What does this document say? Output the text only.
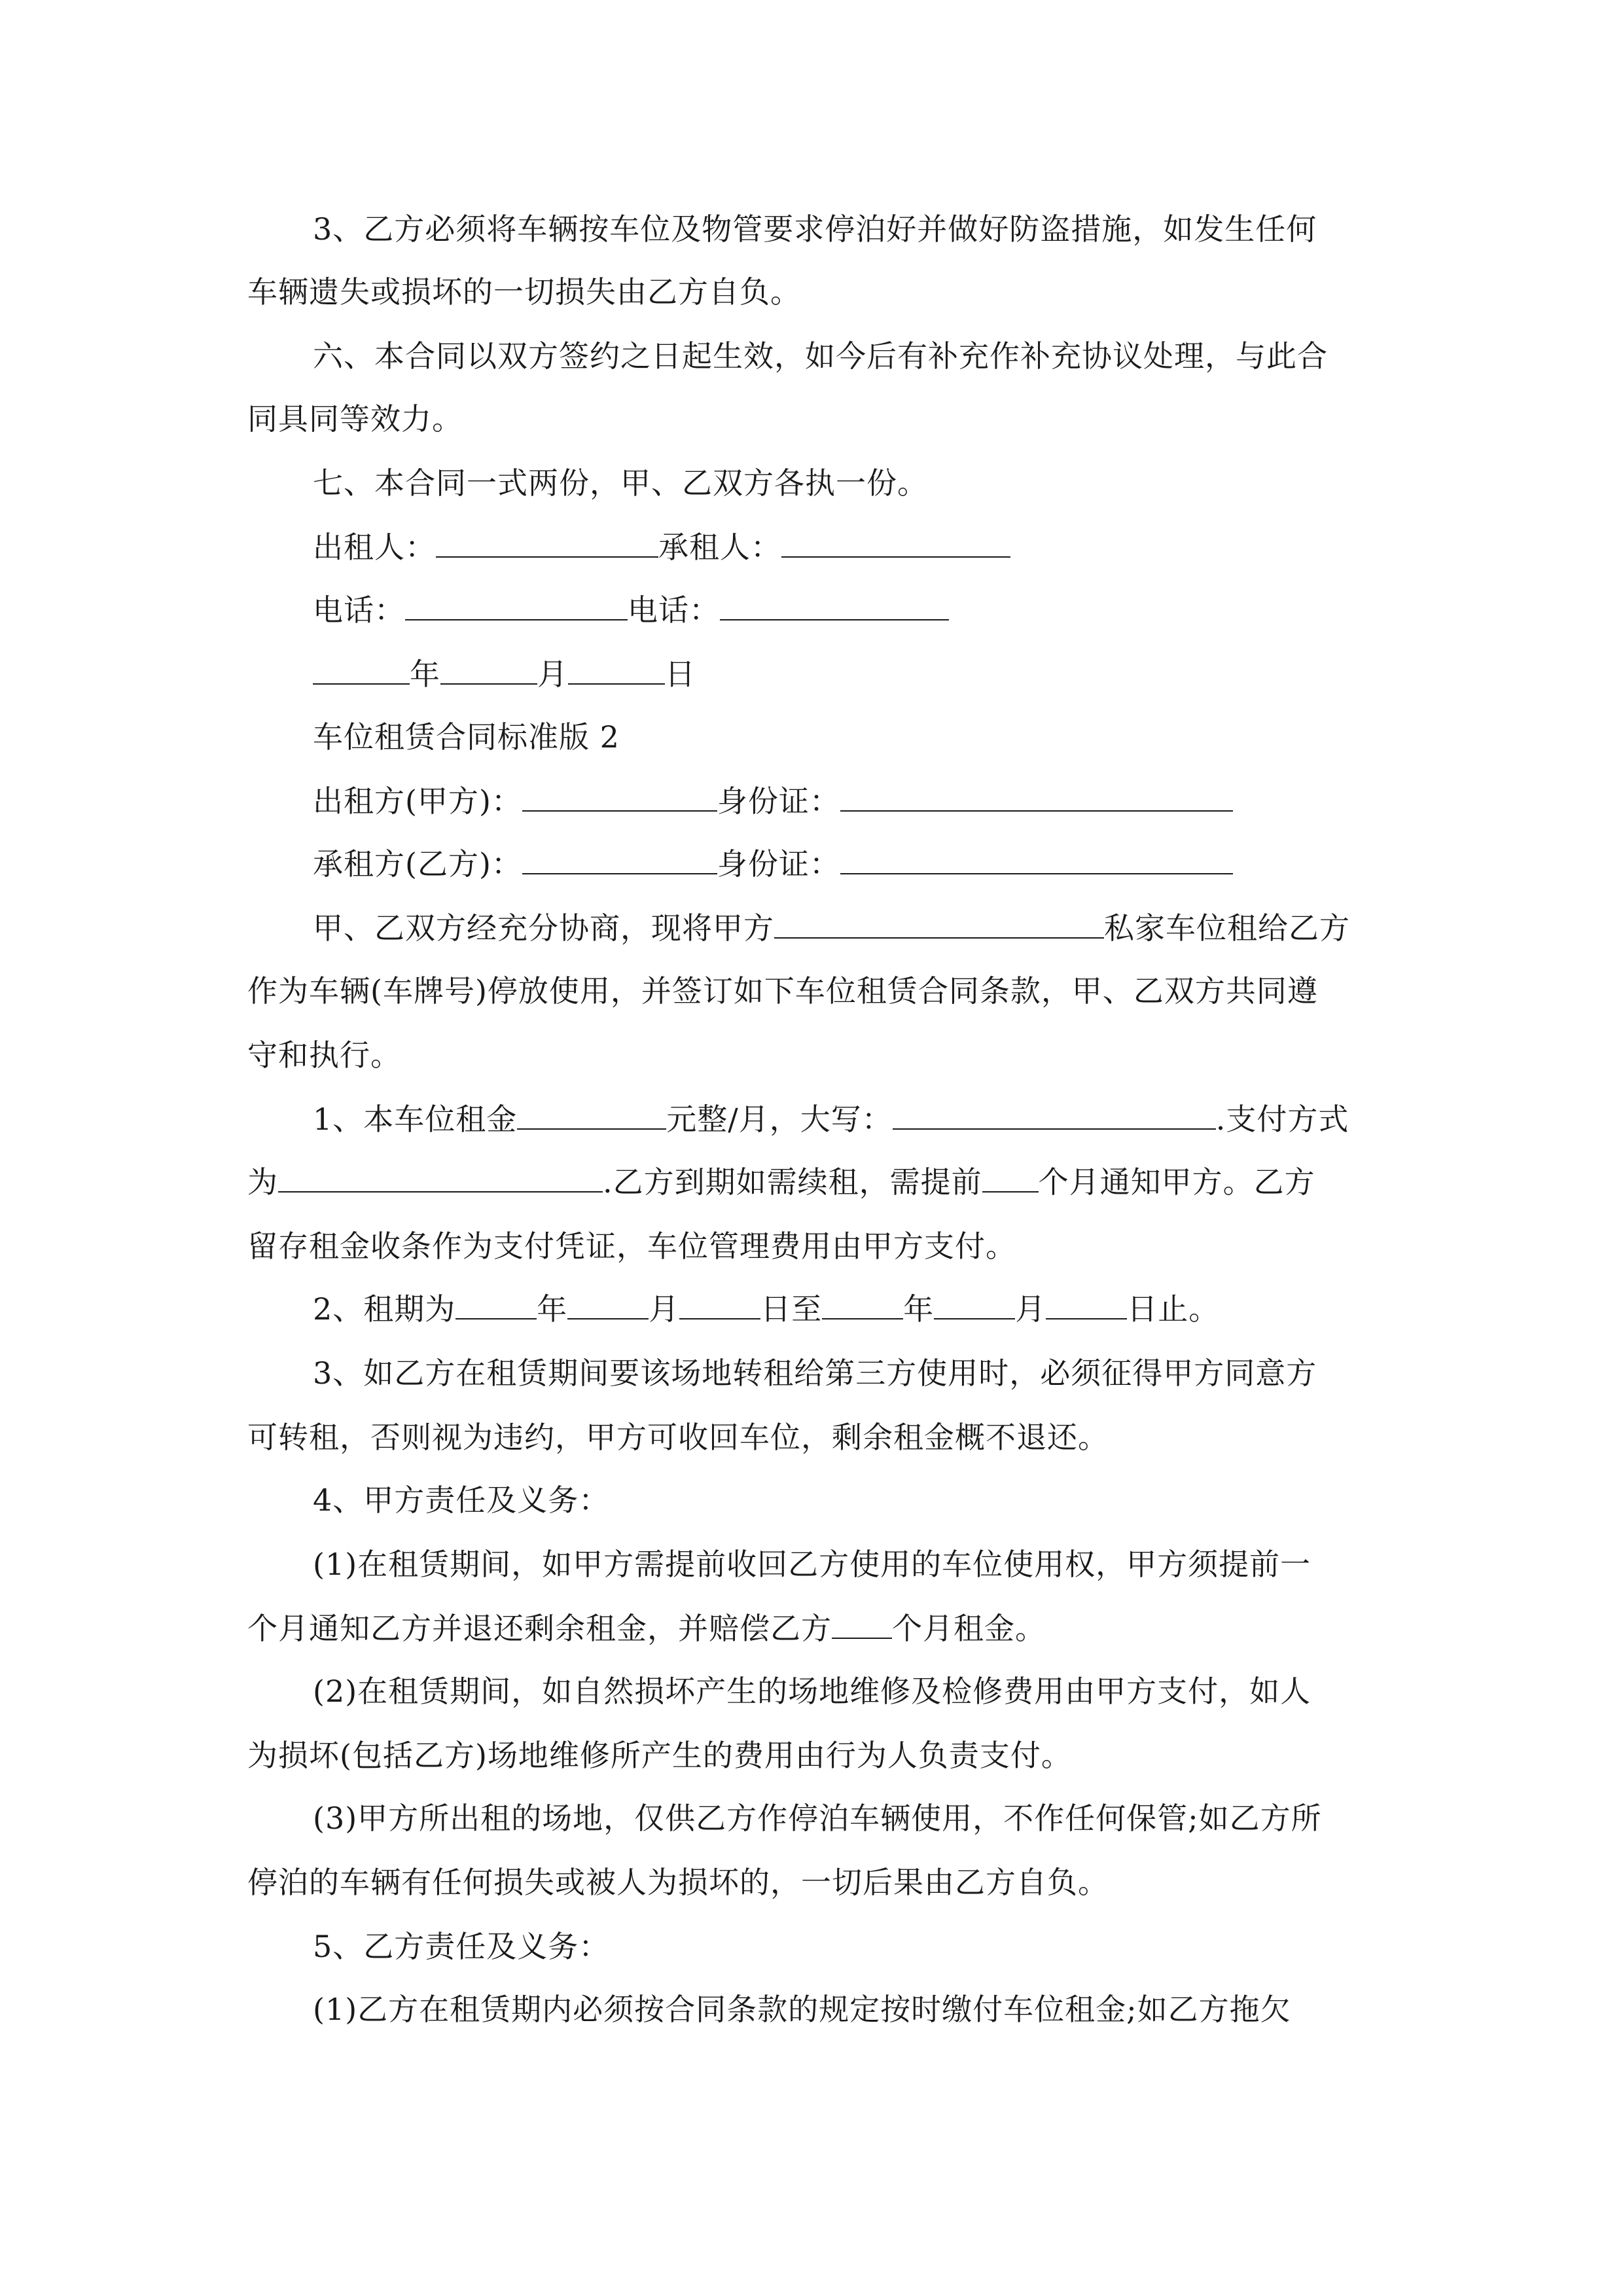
3、乙方必须将车辆按车位及物管要求停泊好并做好防盗措施，如发生任何
车辆遗失或损坏的一切损失由乙方自负。
六、本合同以双方签约之日起生效，如今后有补充作补充协议处理，与此合
同具同等效力。
七、本合同一式两份，甲、乙双方各执一份。
出租人：	承租人：
电话：	电话：
年	月	日
车位租赁合同标准版 2
出租方(甲方)：	身份证：
承租方(乙方)：	身份证：
甲、乙双方经充分协商，现将甲方	私家车位租给乙方
作为车辆(车牌号)停放使用，并签订如下车位租赁合同条款，甲、乙双方共同遵
守和执行。
1、本车位租金	元整/月，大写：	.支付方式
为	.乙方到期如需续租，需提前 个月通知甲方。乙方
留存租金收条作为支付凭证，车位管理费用由甲方支付。
2、租期为	年	月	日至	年	月	日止。
3、如乙方在租赁期间要该场地转租给第三方使用时，必须征得甲方同意方
可转租，否则视为违约，甲方可收回车位，剩余租金概不退还。
4、甲方责任及义务：
(1)在租赁期间，如甲方需提前收回乙方使用的车位使用权，甲方须提前一
个月通知乙方并退还剩余租金，并赔偿乙方 个月租金。
(2)在租赁期间，如自然损坏产生的场地维修及检修费用由甲方支付，如人
为损坏(包括乙方)场地维修所产生的费用由行为人负责支付。
(3)甲方所出租的场地，仅供乙方作停泊车辆使用，不作任何保管;如乙方所
停泊的车辆有任何损失或被人为损坏的，一切后果由乙方自负。
5、乙方责任及义务：
(1)乙方在租赁期内必须按合同条款的规定按时缴付车位租金;如乙方拖欠
